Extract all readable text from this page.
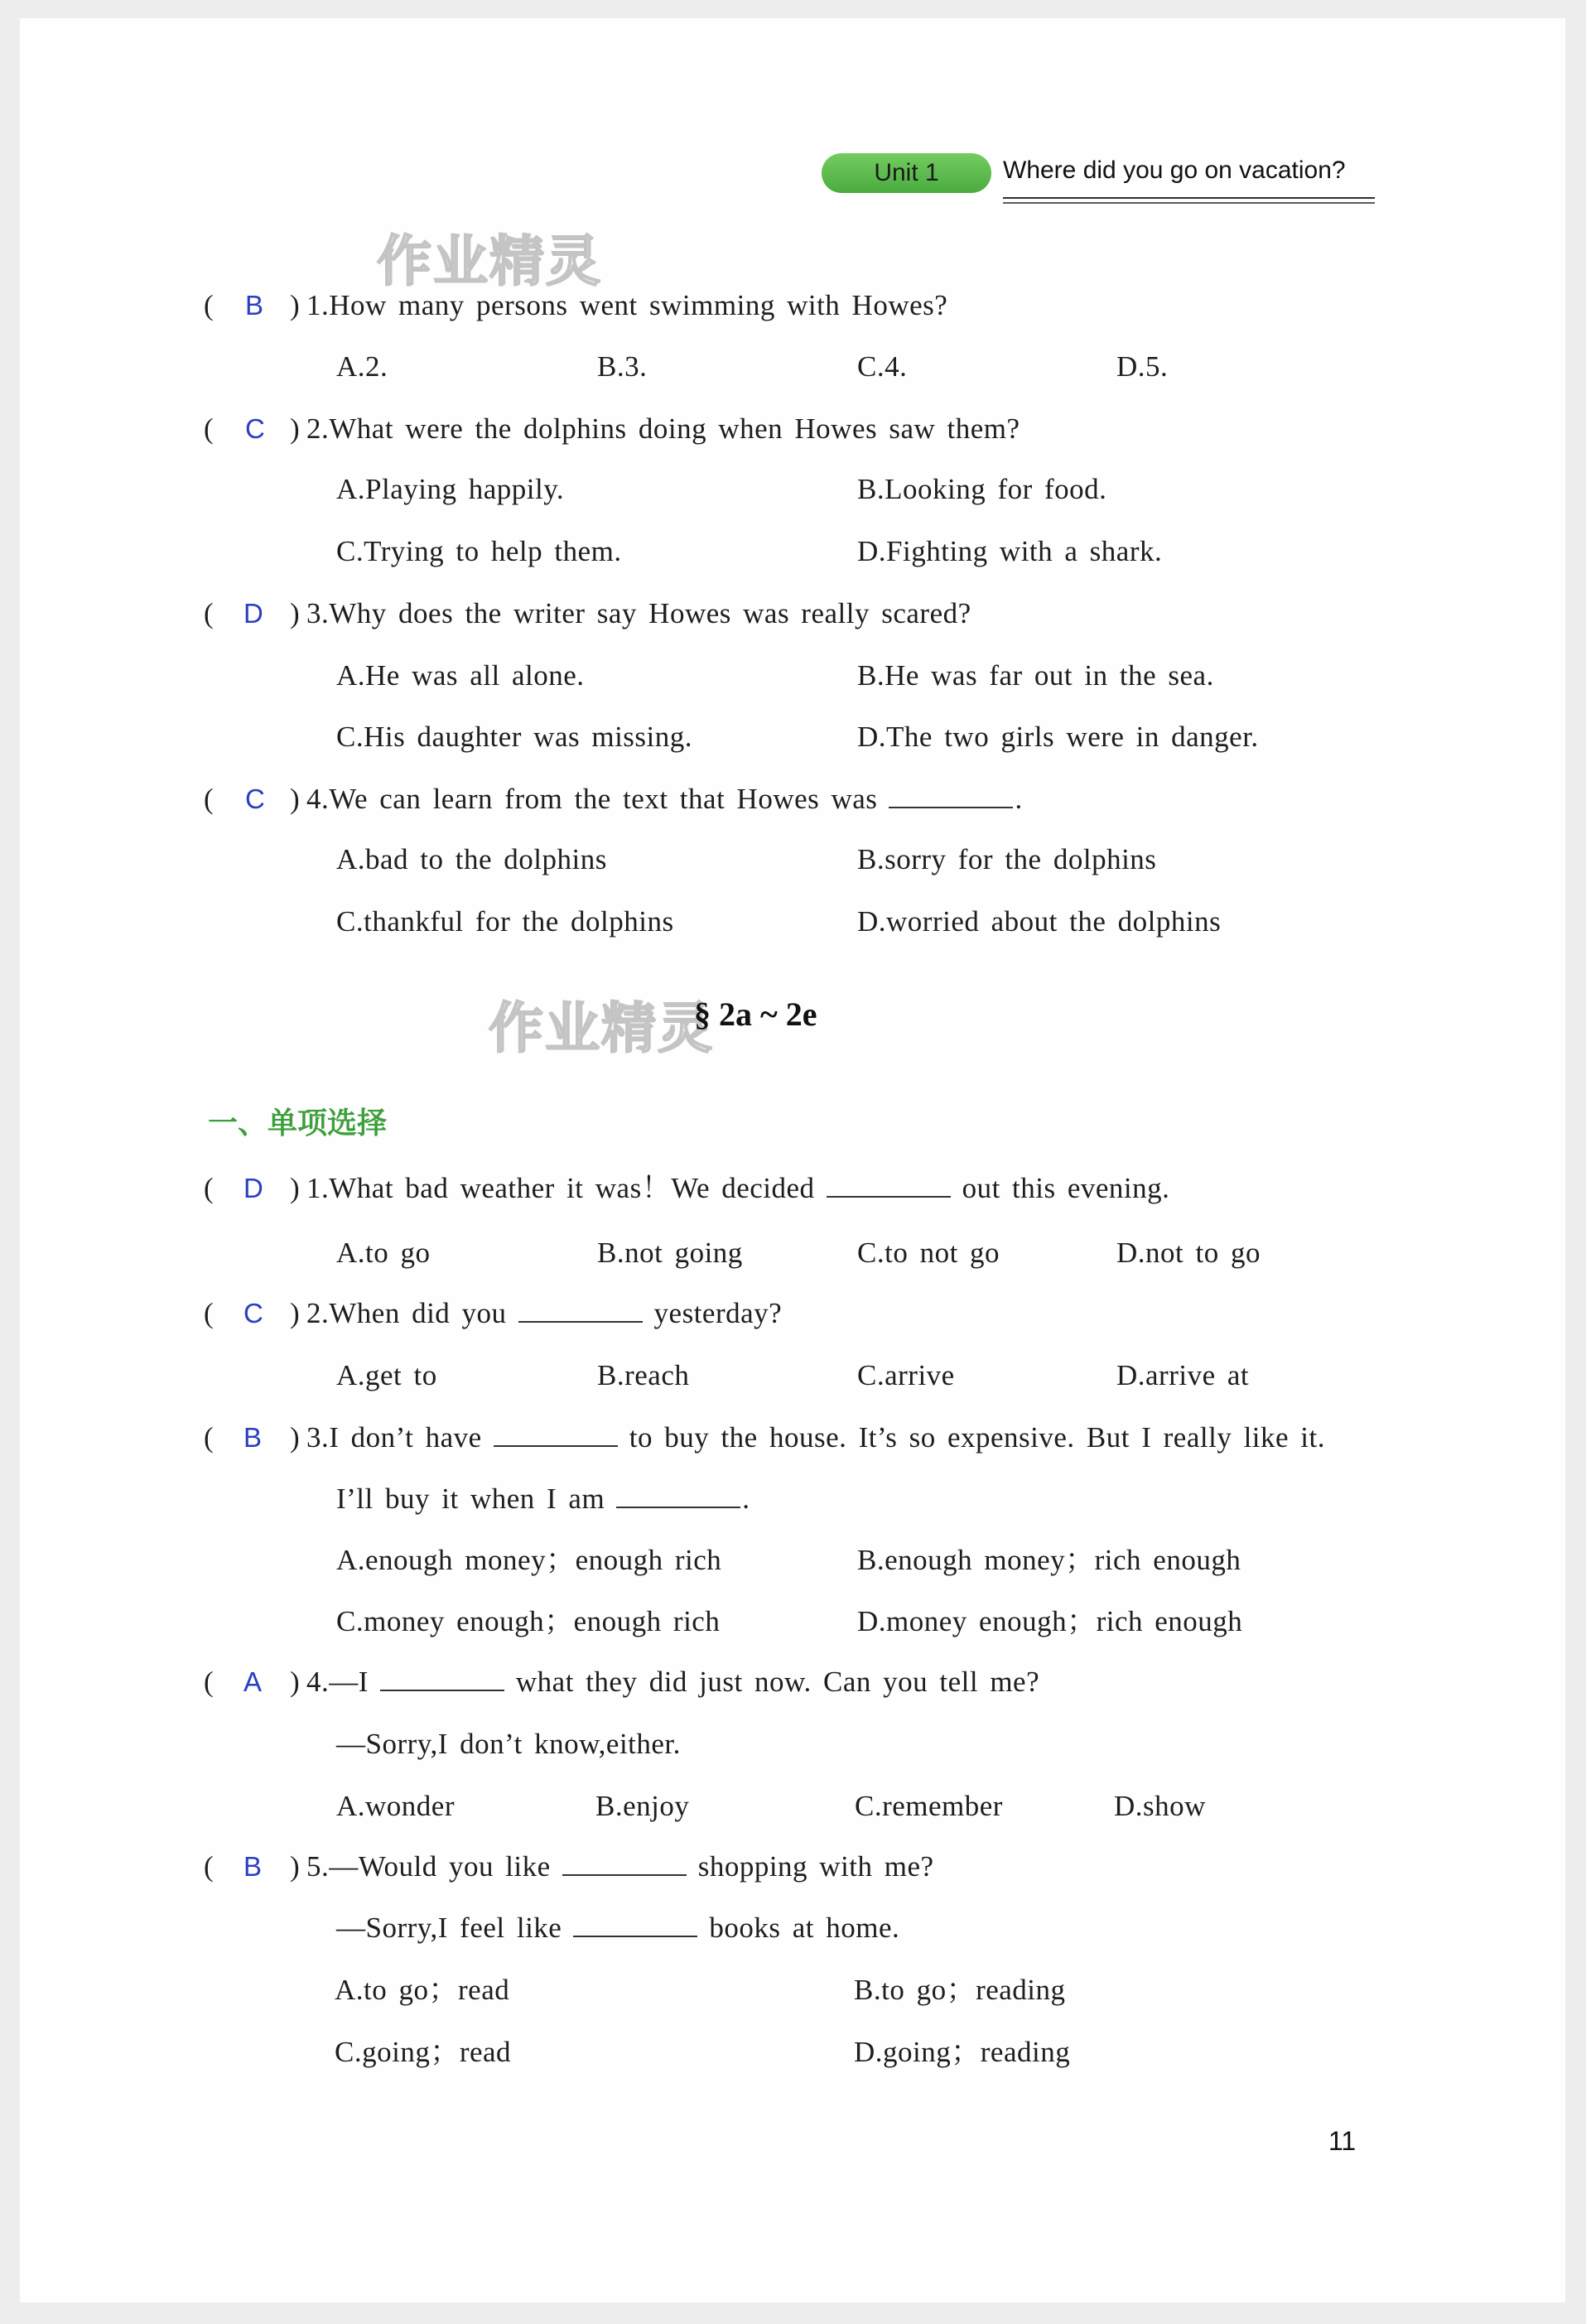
Unit 1	Where did you go on vacation?
作业精灵
( B ) 1.How many persons went swimming with Howes?
A.2.	B.3.	C.4.	D.5.
( C ) 2.What were the dolphins doing when Howes saw them?
A.Playing happily.	B.Looking for food.
C.Trying to help them.	D.Fighting with a shark.
( D ) 3.Why does the writer say Howes was really scared?
A.He was all alone.	B.He was far out in the sea.
C.His daughter was missing.	D.The two girls were in danger.
( C ) 4.We can learn from the text that Howes was	.
A.bad to the dolphins	B.sorry for the dolphins
C.thankful for the dolphins	D.worried about the dolphins
作业精灵
§ 2a ~ 2e
一、单项选择
( D ) 1.What bad weather it was！We decided	out this evening.
A.to go	B.not going	C.to not go	D.not to go
( C ) 2.When did you	yesterday?
A.get to	B.reach	C.arrive	D.arrive at
( B ) 3.I don’t have	to buy the house. It’s so expensive. But I really like it.
I’ll buy it when I am	.
A.enough money；enough rich	B.enough money；rich enough
C.money enough；enough rich	D.money enough；rich enough
( A ) 4.—I	what they did just now. Can you tell me?
—Sorry,I don’t know,either.
A.wonder	B.enjoy	C.remember	D.show
( B ) 5.—Would you like	shopping with me?
—Sorry,I feel like	books at home.
A.to go；read	B.to go；reading
C.going；read	D.going；reading
11
